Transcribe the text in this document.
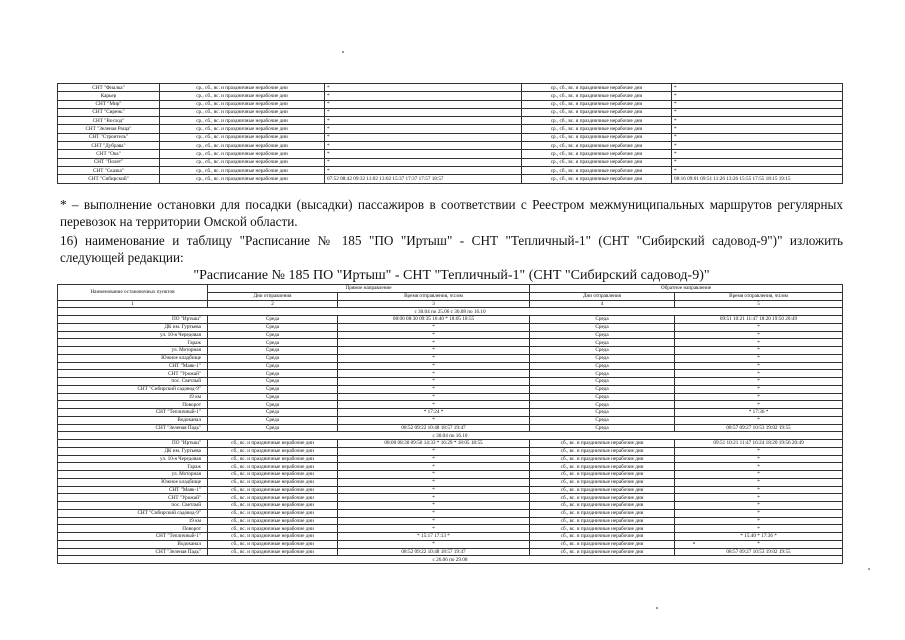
СНТ "Фиалка"	ср., сб., вс. и праздничные нерабочие дни	*	ср., сб., вс. и праздничные нерабочие дни	*
Карьер	ср., сб., вс. и праздничные нерабочие дни	*	ср., сб., вс. и праздничные нерабочие дни	*
СНТ "Мир"	ср., сб., вс. и праздничные нерабочие дни	*	ср., сб., вс. и праздничные нерабочие дни	*
СНТ "Сирень"	ср., сб., вс. и праздничные нерабочие дни	*	ср., сб., вс. и праздничные нерабочие дни	*
СНТ "Восход"	ср., сб., вс. и праздничные нерабочие дни	*	ср., сб., вс. и праздничные нерабочие дни	*
СНТ "Зеленая Роща"	ср., сб., вс. и праздничные нерабочие дни	*	ср., сб., вс. и праздничные нерабочие дни	*
СНТ "Строитель"	ср., сб., вс. и праздничные нерабочие дни	*	ср., сб., вс. и праздничные нерабочие дни	*
СНТ "Дубрава"	ср., сб., вс. и праздничные нерабочие дни	*	ср., сб., вс. и праздничные нерабочие дни	*
СНТ "Ока"	ср., сб., вс. и праздничные нерабочие дни	*	ср., сб., вс. и праздничные нерабочие дни	*
СНТ "Полет"	ср., сб., вс. и праздничные нерабочие дни	*	ср., сб., вс. и праздничные нерабочие дни	*
СНТ "Сказка"	ср., сб., вс. и праздничные нерабочие дни	*	ср., сб., вс. и праздничные нерабочие дни	*
СНТ "Сибирский"	ср., сб., вс. и праздничные нерабочие дни	07:52 08:42 09:32 11:02 13:02 15:37 17:37 17:57 18:57	ср., сб., вс. и праздничные нерабочие дни	08:16 09:01 09:51 11:26 13:26 15:55 17:55 18:15 19:15
* – выполнение остановки для посадки (высадки) пассажиров в соответствии с Реестром межмуниципальных маршрутов регулярных перевозок на территории Омской области.
16) наименование и таблицу "Расписание № 185 "ПО "Иртыш" - СНТ "Тепличный-1" (СНТ "Сибирский садовод-9")" изложить следующей редакции:
"Расписание № 185 ПО "Иртыш" - СНТ "Тепличный-1" (СНТ "Сибирский садовод-9)"
Наименование остановочных пунктов	Прямое направление		Обратное направление	
	Дни отправления	Время отправления, чч:мм	Дни отправления	Время отправления, чч:мм
1	2	3	4	5
с 30.04 по 25.06 с 30.08 по 16.10				
ПО "Иртыш"	Среда	08:00 08:30 09:35 16:40 * 18:05 18:55	Среда	09:51 10:21 11:47 18:20 19:50 20:49
ДК им. Гуртьева	Среда	*	Среда	*
ул. 10-я Чередовая	Среда	*	Среда	*
Гараж	Среда	*	Среда	*
ул. Моторная	Среда	*	Среда	*
Южное кладбище	Среда	*	Среда	*
СНТ "Маяк-1"	Среда	*	Среда	*
СНТ "Урожай"	Среда	*	Среда	*
пос. Светлый	Среда	*	Среда	*
СНТ "Сибирский садовод-9"	Среда	*	Среда	*
19 км	Среда	*	Среда	*
Поворот	Среда	*	Среда	*
СНТ "Тепличный-1"	Среда	* 17:24 *	Среда	* 17:36 *
Водоканал	Среда	*	Среда	*
СНТ "Зеленая Падь"	Среда	08:52 09:22 10:48 18:57 19:47	Среда	08:57 09:27 10:53 19:02 19:55
с 30.04 по 16.10				
ПО "Иртыш"	сб., вс. и праздничные нерабочие дни	08:00 08:30 09:56 14:33 * 16:29 * 18:05 18:55	сб., вс. и праздничные нерабочие дни	09:51 10:21 11:47 16:24 18:20 19:56 20:49
ДК им. Гуртьева	сб., вс. и праздничные нерабочие дни	*	сб., вс. и праздничные нерабочие дни	*
ул. 10-я Чередовая	сб., вс. и праздничные нерабочие дни	*	сб., вс. и праздничные нерабочие дни	*
Гараж	сб., вс. и праздничные нерабочие дни	*	сб., вс. и праздничные нерабочие дни	*
ул. Моторная	сб., вс. и праздничные нерабочие дни	*	сб., вс. и праздничные нерабочие дни	*
Южное кладбище	сб., вс. и праздничные нерабочие дни	*	сб., вс. и праздничные нерабочие дни	*
СНТ "Маяк-1"	сб., вс. и праздничные нерабочие дни	*	сб., вс. и праздничные нерабочие дни	*
СНТ "Урожай"	сб., вс. и праздничные нерабочие дни	*	сб., вс. и праздничные нерабочие дни	*
пос. Светлый	сб., вс. и праздничные нерабочие дни	*	сб., вс. и праздничные нерабочие дни	*
СНТ "Сибирский садовод-9"	сб., вс. и праздничные нерабочие дни	*	сб., вс. и праздничные нерабочие дни	*
19 км	сб., вс. и праздничные нерабочие дни	*	сб., вс. и праздничные нерабочие дни	*
Поворот	сб., вс. и праздничные нерабочие дни	*	сб., вс. и праздничные нерабочие дни	*
СНТ "Тепличный-1"	сб., вс. и праздничные нерабочие дни	* 15:17 17:13 *	сб., вс. и праздничные нерабочие дни	* 15:40 * 17:36 *
Водоканал	сб., вс. и праздничные нерабочие дни	*	сб., вс. и праздничные нерабочие дни	*
СНТ "Зеленая Падь"	сб., вс. и праздничные нерабочие дни	08:52 09:22 10:48 18:57 19:47	сб., вс. и праздничные нерабочие дни	08:57 09:27 10:53 19:02 19:55
с 26.06 по 29.08				
